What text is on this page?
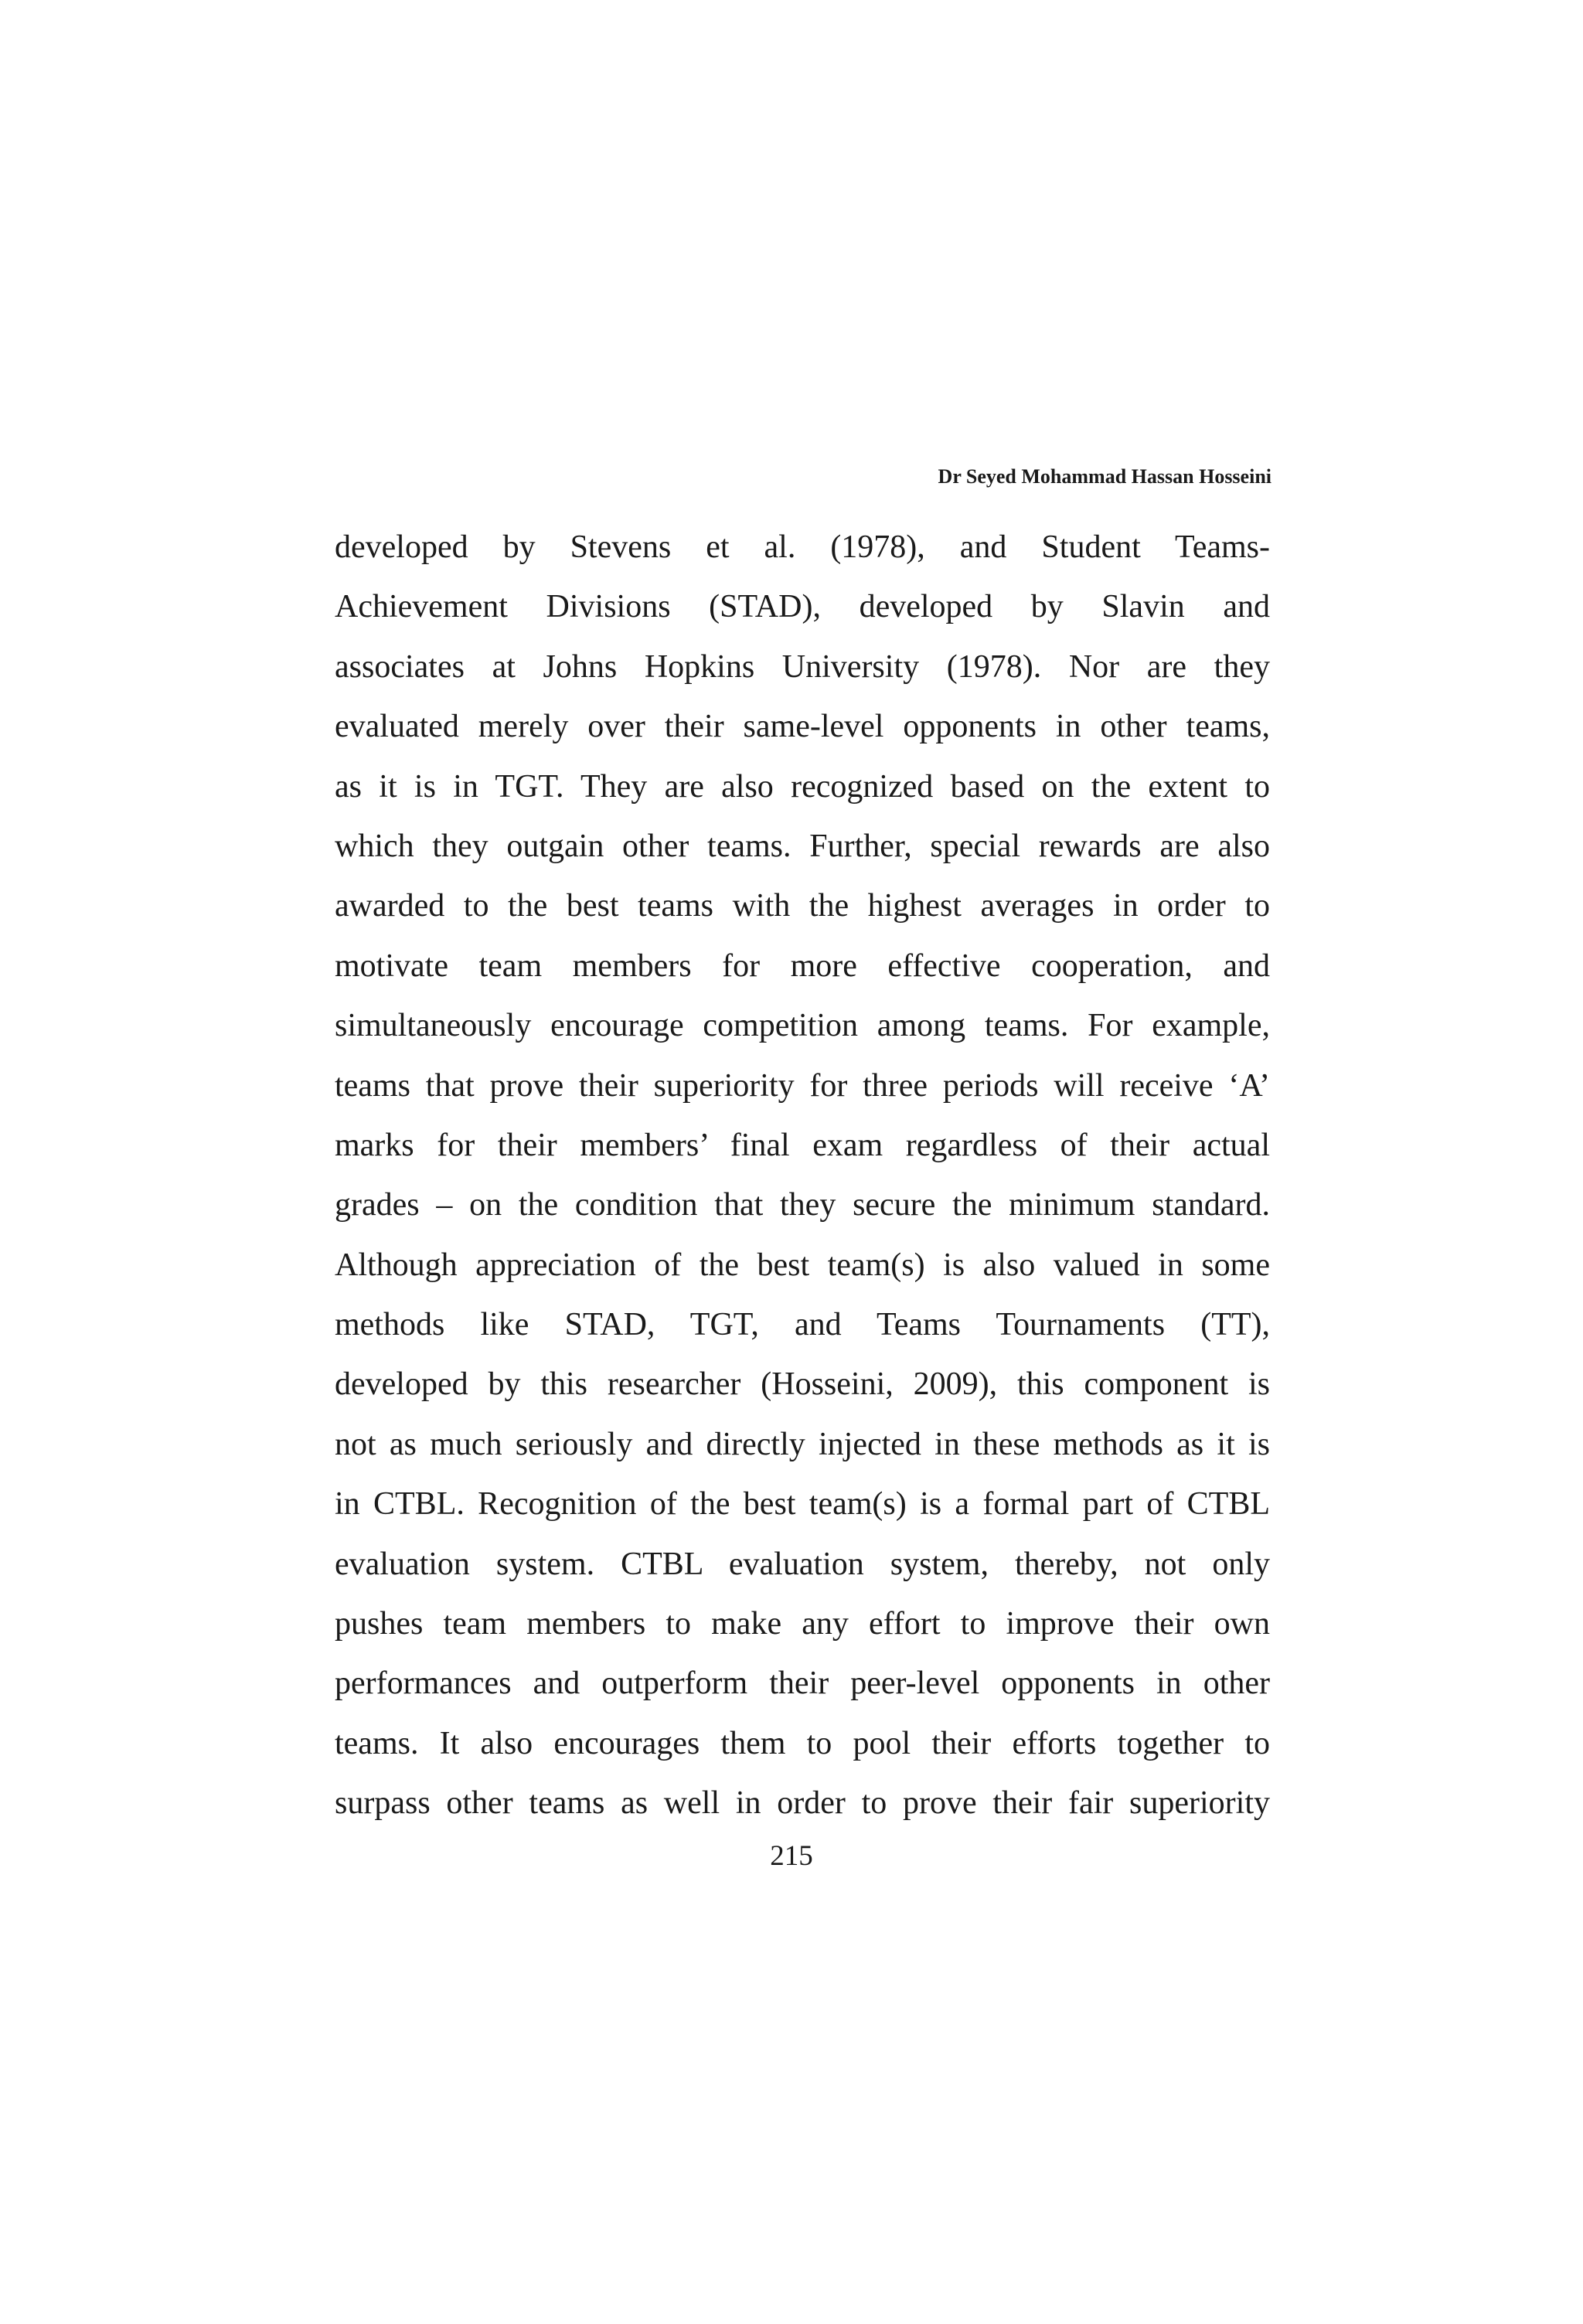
Dr Seyed Mohammad Hassan Hosseini
developed by Stevens et al. (1978), and Student Teams-
Achievement Divisions (STAD), developed by Slavin and
associates at Johns Hopkins University (1978). Nor are they
evaluated merely over their same-level opponents in other teams,
as it is in TGT. They are also recognized based on the extent to
which they outgain other teams. Further, special rewards are also
awarded to the best teams with the highest averages in order to
motivate team members for more effective cooperation, and
simultaneously encourage competition among teams. For example,
teams that prove their superiority for three periods will receive ‘A’
marks for their members’ final exam regardless of their actual
grades – on the condition that they secure the minimum standard.
Although appreciation of the best team(s) is also valued in some
methods like STAD, TGT, and Teams Tournaments (TT),
developed by this researcher (Hosseini, 2009), this component is
not as much seriously and directly injected in these methods as it is
in CTBL. Recognition of the best team(s) is a formal part of CTBL
evaluation system. CTBL evaluation system, thereby, not only
pushes team members to make any effort to improve their own
performances and outperform their peer-level opponents in other
teams. It also encourages them to pool their efforts together to
surpass other teams as well in order to prove their fair superiority
215
